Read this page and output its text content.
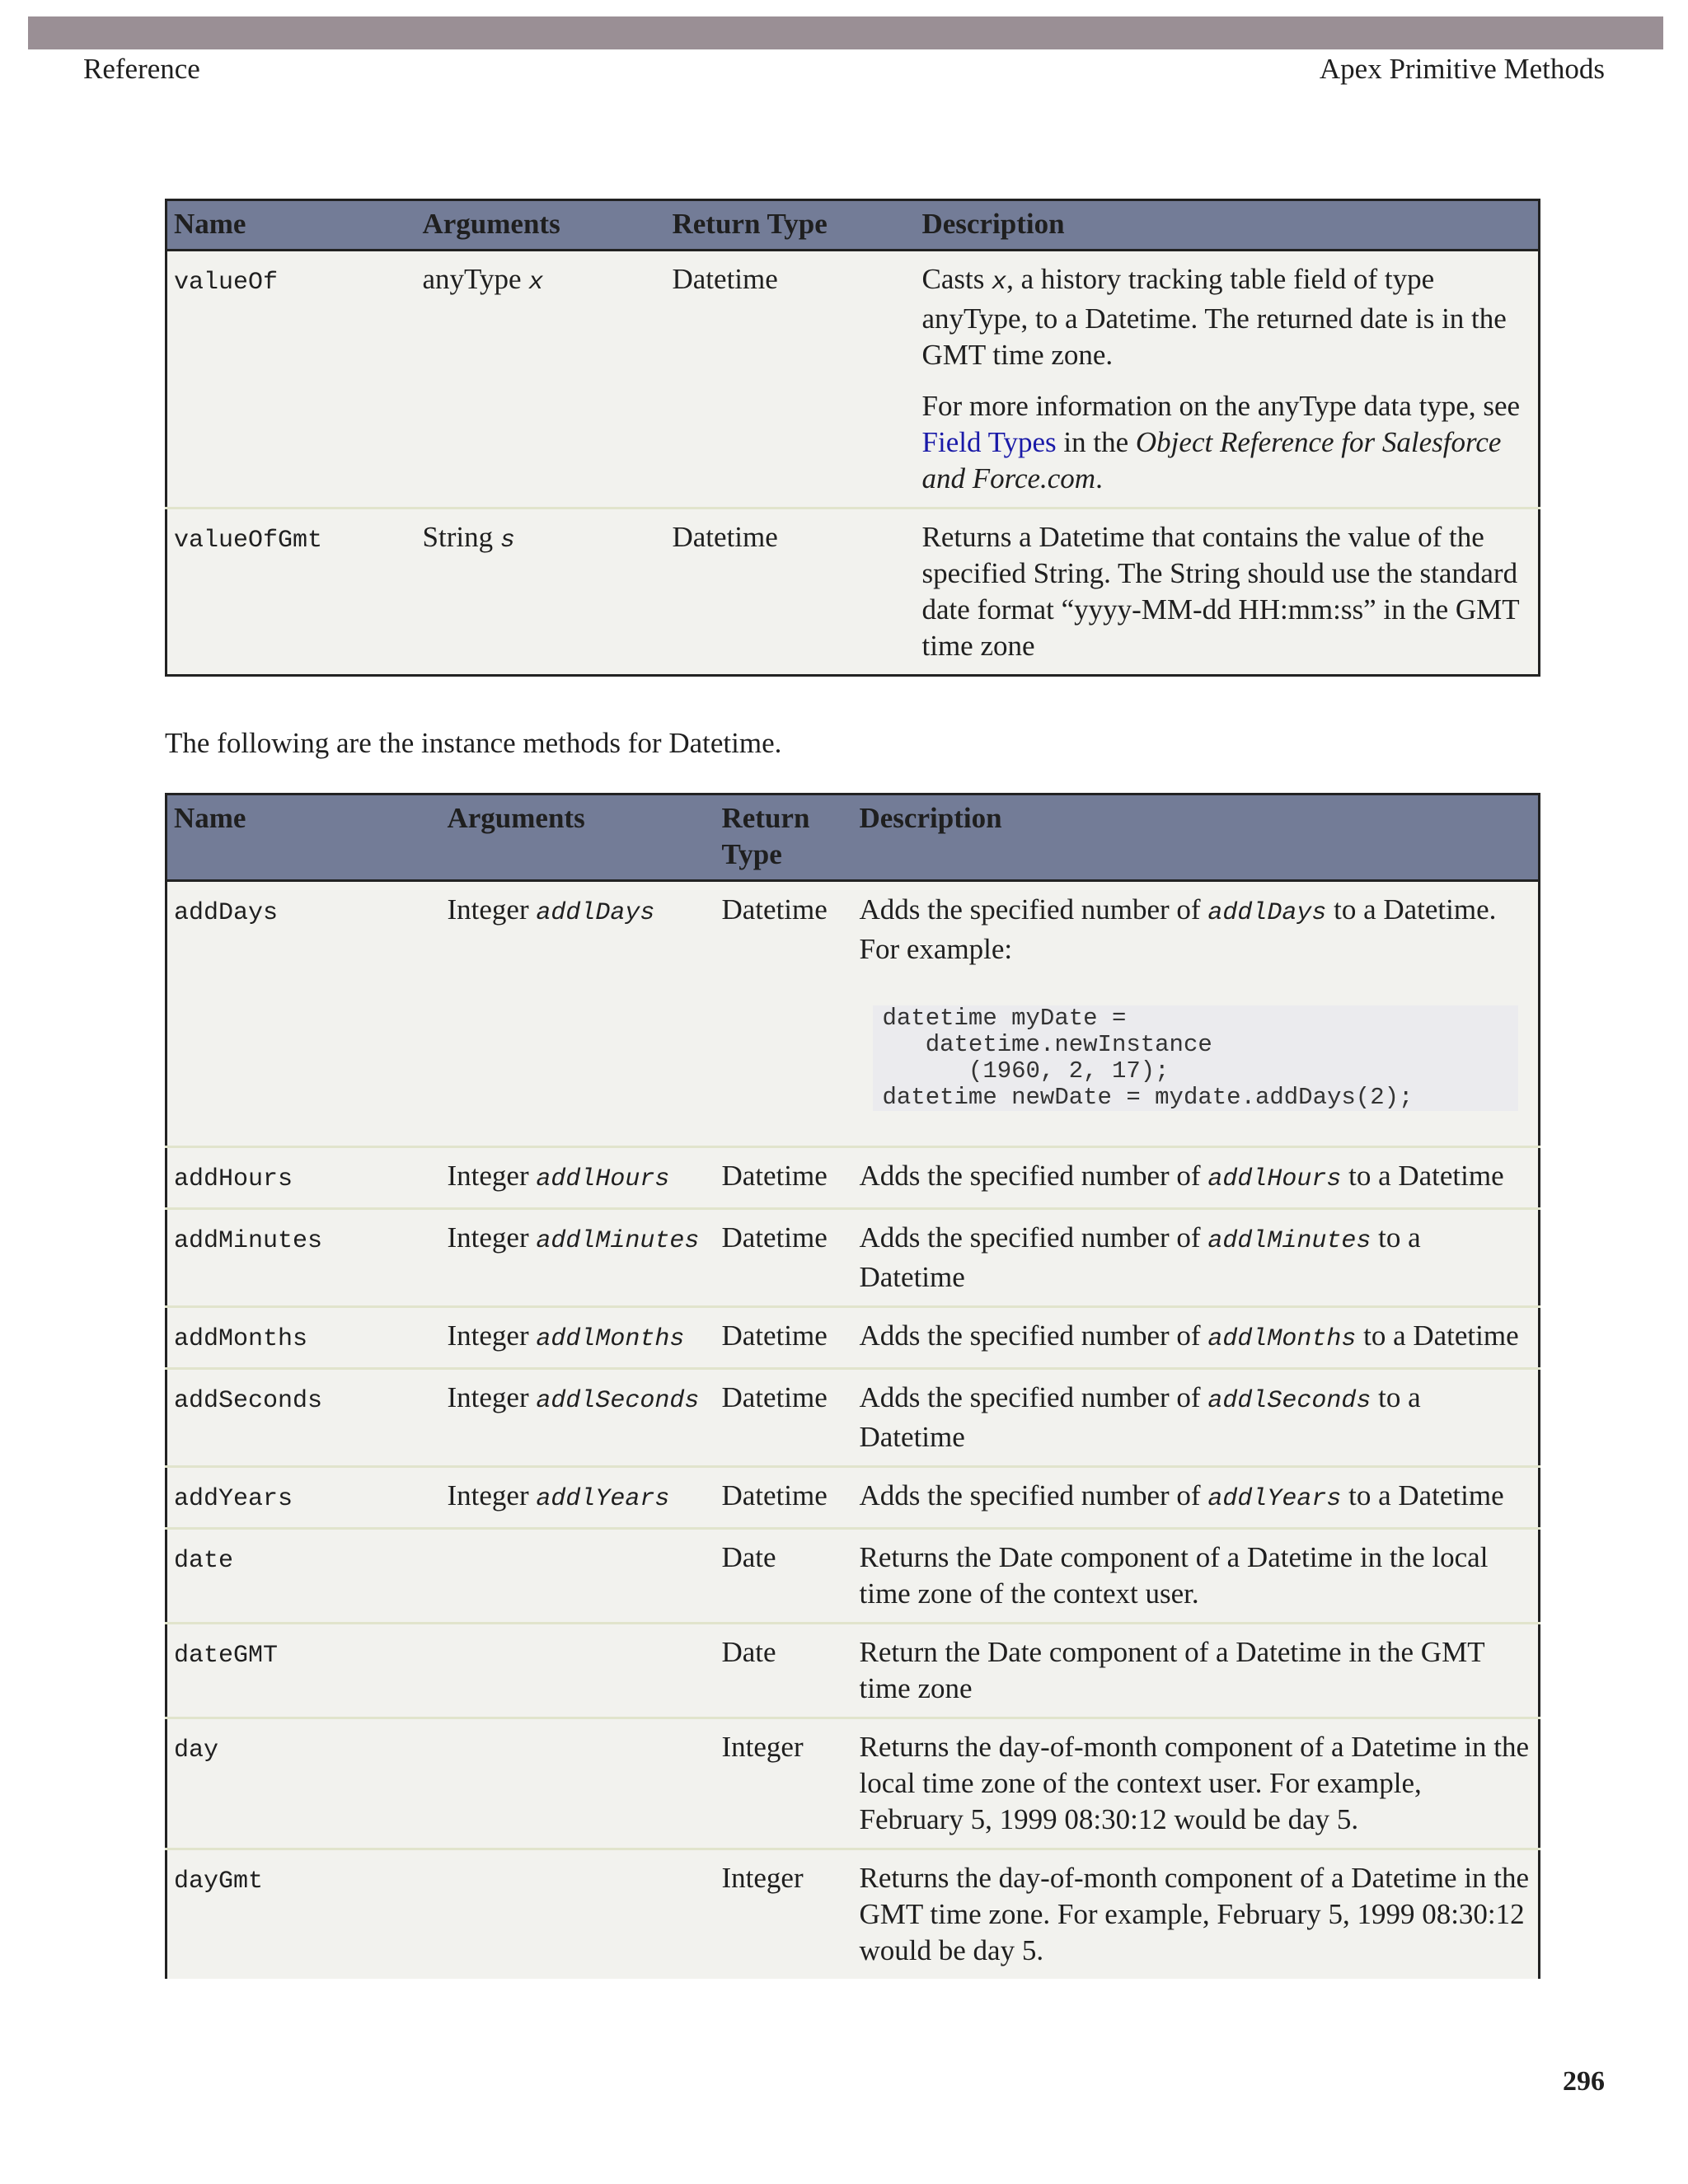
Reference	Apex Primitive Methods
Name	Arguments	Return Type	Description
valueOf	anyType x	Datetime	Casts x, a history tracking table field of type anyType, to a Datetime. The returned date is in the GMT time zone.

For more information on the anyType data type, see Field Types in the Object Reference for Salesforce and Force.com.

valueOfGmt	String s	Datetime	Returns a Datetime that contains the value of the specified String. The String should use the standard date format “yyyy-MM-dd HH:mm:ss” in the GMT time zone
The following are the instance methods for Datetime.
Name	Arguments	Return Type	Description
addDays	Integer addlDays	Datetime	Adds the specified number of addlDays to a Datetime. For example:
datetime myDate =
datetime.newInstance
(1960, 2, 17);
datetime newDate = mydate.addDays(2);

addHours	Integer addlHours	Datetime	Adds the specified number of addlHours to a Datetime
addMinutes	Integer addlMinutes	Datetime	Adds the specified number of addlMinutes to a Datetime
addMonths	Integer addlMonths	Datetime	Adds the specified number of addlMonths to a Datetime
addSeconds	Integer addlSeconds	Datetime	Adds the specified number of addlSeconds to a Datetime
addYears	Integer addlYears	Datetime	Adds the specified number of addlYears to a Datetime
date		Date	Returns the Date component of a Datetime in the local time zone of the context user.
dateGMT		Date	Return the Date component of a Datetime in the GMT time zone
day		Integer	Returns the day-of-month component of a Datetime in the local time zone of the context user. For example, February 5, 1999 08:30:12 would be day 5.
dayGmt		Integer	Returns the day-of-month component of a Datetime in the GMT time zone. For example, February 5, 1999 08:30:12 would be day 5.
296
